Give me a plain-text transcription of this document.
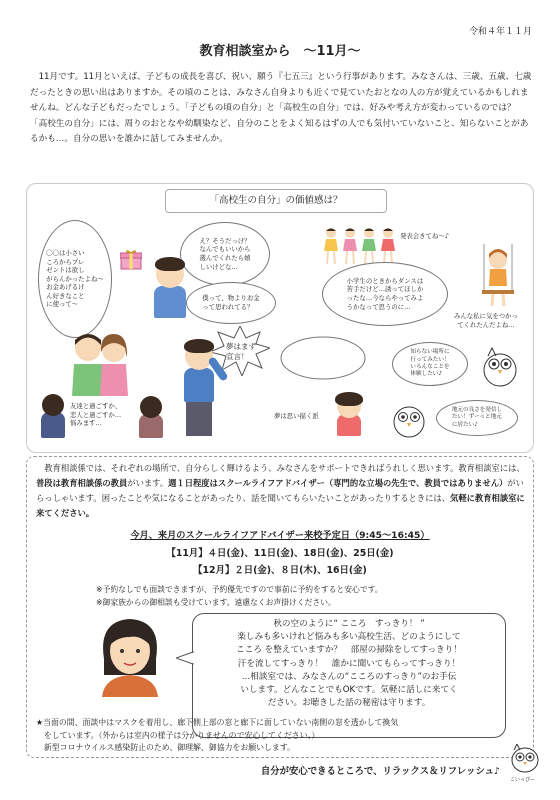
令和４年１１月
教育相談室から　～11月～
11月です。11月といえば、子どもの成長を喜び、祝い、願う『七五三』という行事があります。みなさんは、三歳、五歳、七歳だったときの思い出はありますか。その頃のことは、みなさん自身よりも近くで見ていたおとなの人の方が覚えているかもしれませんね。どんな子どもだったでしょう。「子どもの頃の自分」と「高校生の自分」では、好みや考え方が変わっているのでは？「高校生の自分」には、周りのおとなや幼馴染など、自分のことをよく知るはずの人でも気付いていないこと、知らないことがあるかも…。自分の思いを誰かに話してみませんか。
「高校生の自分」の価値感は？
〇〇は小さい
ころからプレ
ゼントは欲し
がらんかったよね～
お金あげるけ
ん好きなこと
に使って～
え？そうだっけ？
なんでもいいから
選んでくれたら嬉
しいけどな…
僕って、物よりお金
って思われてる？
発表会きてね～♪
小学生のときからダンスは
苦手だけど…誘ってほしか
ったな…今ならやってみよ
うかなって思うのに…
みんな私に気をつかっ
てくれたんだよね…
夢はまず
宣言！
夢は思い描く派
友達と過ごすか、
恋人と過ごすか…
悩みます…
知らない場所に
行ってみたい！
いろんなことを
体験したい♪
地元の良さを発信し
たい！ずーっと地元
に居たい♪
教育相談係では、それぞれの場所で、自分らしく輝けるよう、みなさんをサポートできればうれしく思います。教育相談室には、普段は教育相談係の教員がいます。週１日程度はスクールライフアドバイザー（専門的な立場の先生で、教員ではありません）がいらっしゃいます。困ったことや気になることがあったり、話を聞いてもらいたいことがあったりするときには、気軽に教育相談室に来てください。
今月、来月のスクールライフアドバイザー来校予定日（9:45～16:45）
【11月】４日(金)、11日(金)、18日(金)、25日(金)
【12月】２日(金)、８日(木)、16日(金)
※予約なしでも面談できますが、予約優先ですので事前に予約をすると安心です。
※御家族からの御相談も受けています。遠慮なくお声掛けください。
秋の空のように“ こころ　すっきり！ ”
楽しみも多いけれど悩みも多い高校生活、どのようにして
こころ を整えていますか？　部屋の掃除をしてすっきり！
汗を流してすっきり！　誰かに聞いてもらってすっきり！
…相談室では、みなさんの“こころのすっきり”のお手伝
いします。どんなことでもOKです。気軽に話しに来てく
ださい。お聴きした話の秘密は守ります。
★当面の間、面談中はマスクを着用し、廊下側上部の窓と廊下に面していない南側の窓を透かして換気
　をしています。（外からは室内の様子は分かりませんので安心してください。）
　新型コロナウイルス感染防止のため、御理解、御協力をお願いします。
自分が安心できるところで、リラックス＆リフレッシュ♪
こいっぴー
